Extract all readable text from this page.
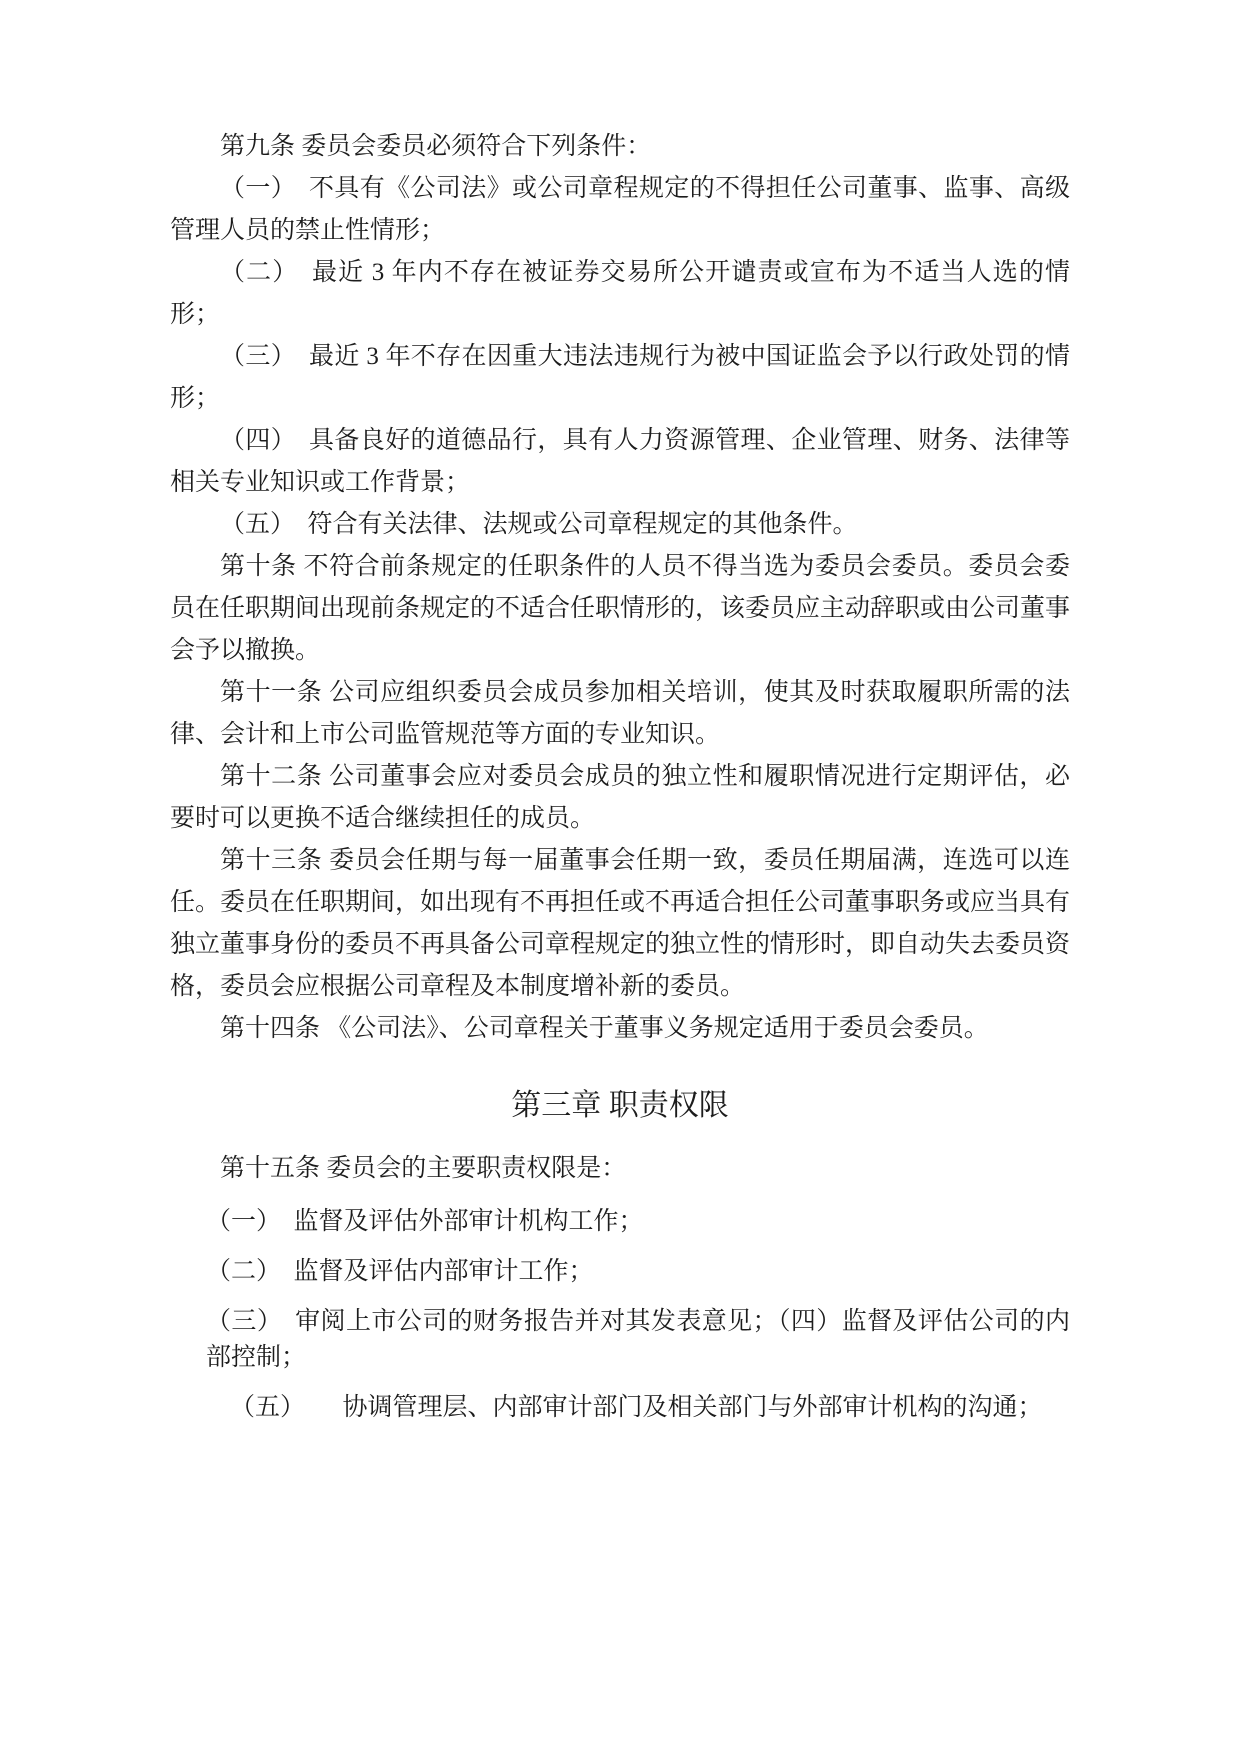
第九条 委员会委员必须符合下列条件：

（一）　不具有《公司法》或公司章程规定的不得担任公司董事、监事、高级管理人员的禁止性情形；

（二）　最近 3 年内不存在被证券交易所公开谴责或宣布为不适当人选的情形；

（三）　最近 3 年不存在因重大违法违规行为被中国证监会予以行政处罚的情形；

（四）　具备良好的道德品行，具有人力资源管理、企业管理、财务、法律等相关专业知识或工作背景；

（五）　符合有关法律、法规或公司章程规定的其他条件。

第十条 不符合前条规定的任职条件的人员不得当选为委员会委员。委员会委员在任职期间出现前条规定的不适合任职情形的，该委员应主动辞职或由公司董事会予以撤换。

第十一条 公司应组织委员会成员参加相关培训，使其及时获取履职所需的法律、会计和上市公司监管规范等方面的专业知识。

第十二条 公司董事会应对委员会成员的独立性和履职情况进行定期评估，必要时可以更换不适合继续担任的成员。

第十三条 委员会任期与每一届董事会任期一致，委员任期届满，连选可以连任。委员在任职期间，如出现有不再担任或不再适合担任公司董事职务或应当具有独立董事身份的委员不再具备公司章程规定的独立性的情形时，即自动失去委员资格，委员会应根据公司章程及本制度增补新的委员。

第十四条 《公司法》、公司章程关于董事义务规定适用于委员会委员。

第三章 职责权限

第十五条 委员会的主要职责权限是：

（一）　监督及评估外部审计机构工作；

（二）　监督及评估内部审计工作；

（三）　审阅上市公司的财务报告并对其发表意见；（四）监督及评估公司的内部控制；

（五）　　协调管理层、内部审计部门及相关部门与外部审计机构的沟通；
